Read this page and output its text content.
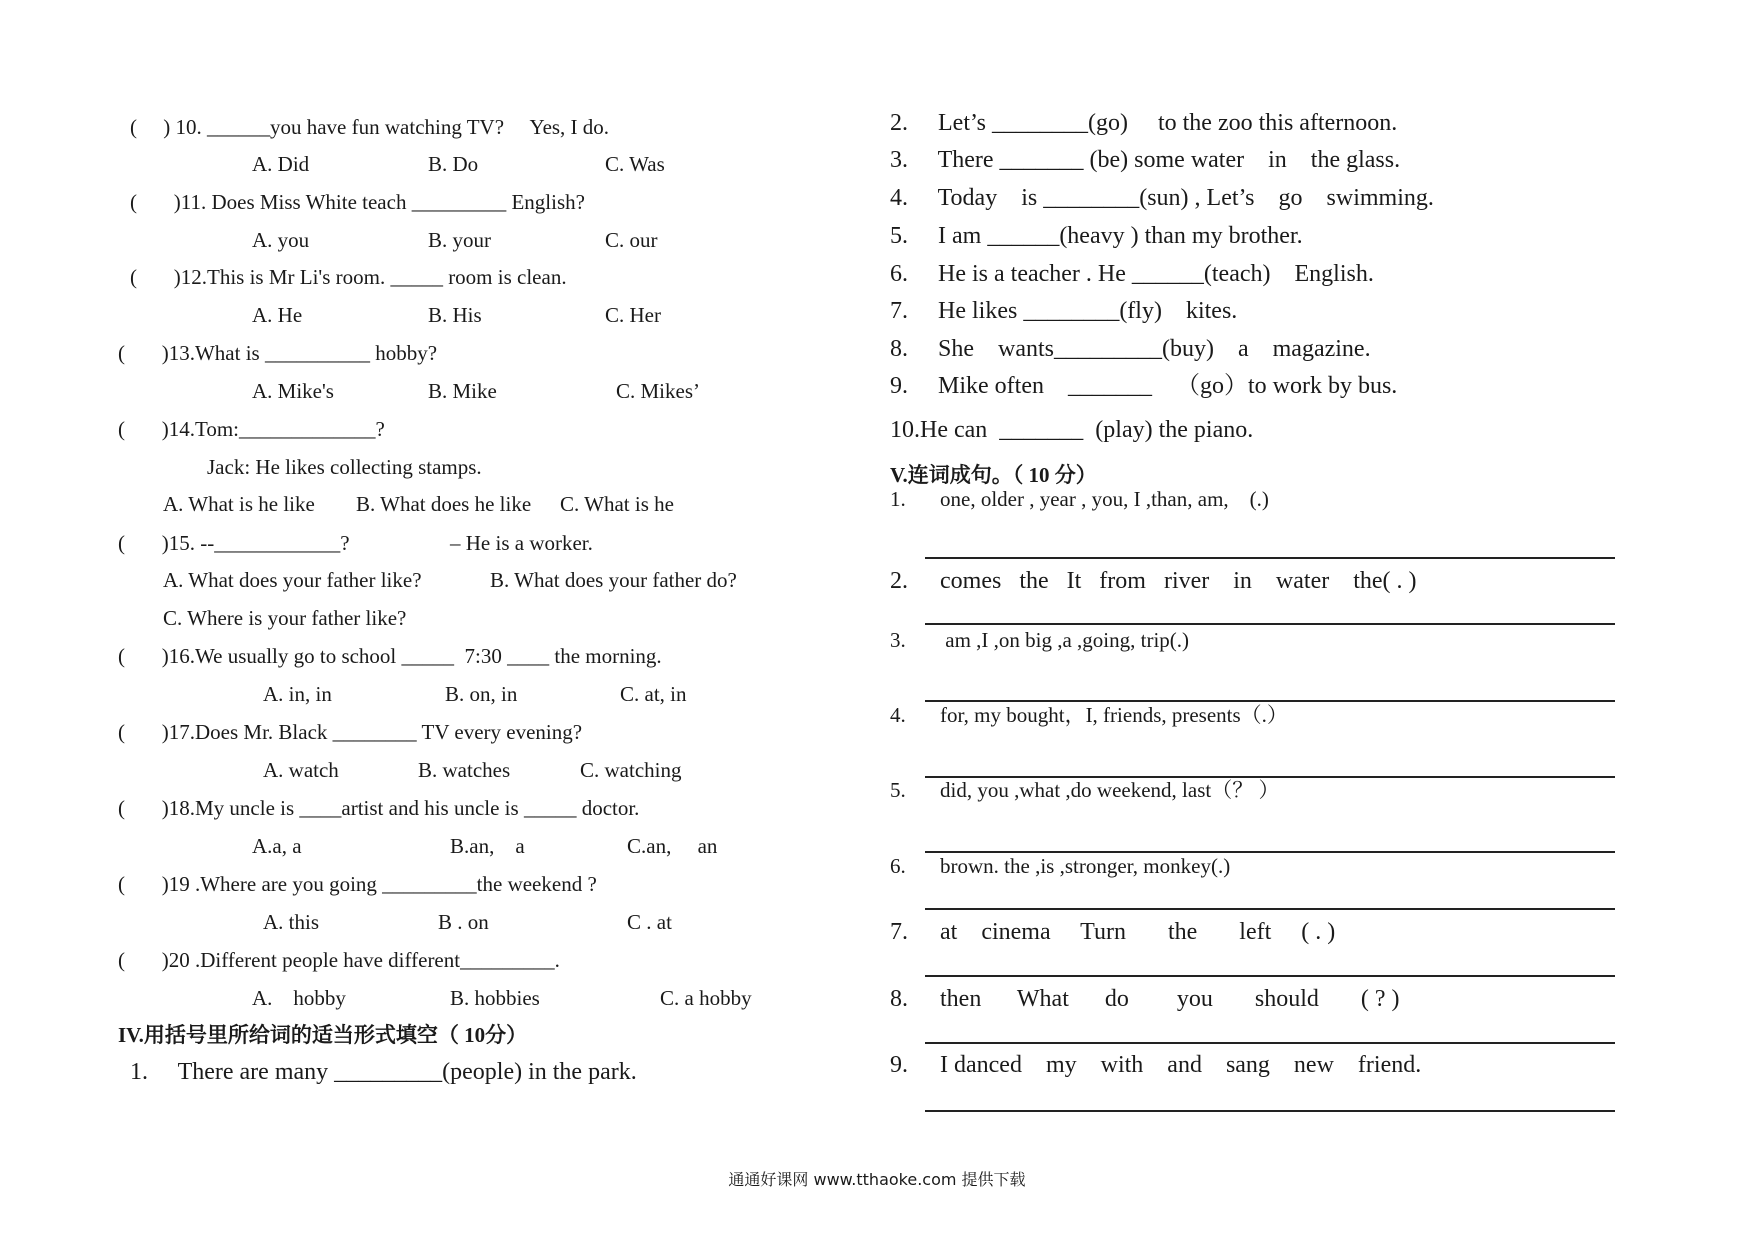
IV.用括号里所给词的适当形式填空（ 10分）
1.     There are many _________(people) in the park.
(     ) 10. ______you have fun watching TV?     Yes, I do.
A. Did	B. Do	C. Was
(       )11. Does Miss White teach _________ English?
A. you	B. your	C. our
(       )12.This is Mr Li's room. _____ room is clean.
A. He	B. His	C. Her
(       )13.What is __________ hobby?
A. Mike's	B. Mike	C. Mikes’
(       )14.Tom:_____________?
Jack: He likes collecting stamps.
A. What is he like B. What does he like C. What is he
(       )15. --____________?	– He is a worker.
A. What does your father like?	B. What does your father do?
C. Where is your father like?
(       )16.We usually go to school _____  7:30 ____ the morning.
A. in, in	B. on, in	C. at, in
(       )17.Does Mr. Black ________ TV every evening?
A. watch	B. watches	C. watching
(       )18.My uncle is ____artist and his uncle is _____ doctor.
A.a, a	B.an,    a	C.an,     an
(       )19 .Where are you going _________the weekend ?
A. this	B . on	C . at
(       )20 .Different people have different_________.
A.    hobby	B. hobbies	C. a hobby
V.连词成句。（ 10 分）
2.     Let’s ________(go)     to the zoo this afternoon.
3.     There _______ (be) some water    in    the glass.
4.     Today    is ________(sun) , Let’s    go    swimming.
5.     I am ______(heavy ) than my brother.
6.     He is a teacher . He ______(teach)    English.
7.     He likes ________(fly)    kites.
8.     She    wants_________(buy)    a    magazine.
9.     Mike often    _______    （go）to work by bus.
10.He can  _______  (play) the piano.
1. one, older , year , you, I ,than, am,    (.)
2. comes   the   It   from   river    in    water    the( . )
3. am ,I ,on big ,a ,going, trip(.)
4. for, my bought，I, friends, presents（.）
5. did, you ,what ,do weekend, last（？ ）
6. brown. the ,is ,stronger, monkey(.)
7. at    cinema     Turn       the       left     ( . )
8. then      What      do        you       should       ( ? )
9. I danced    my    with    and    sang    new    friend.
通通好课网 www.tthaoke.com 提供下载
